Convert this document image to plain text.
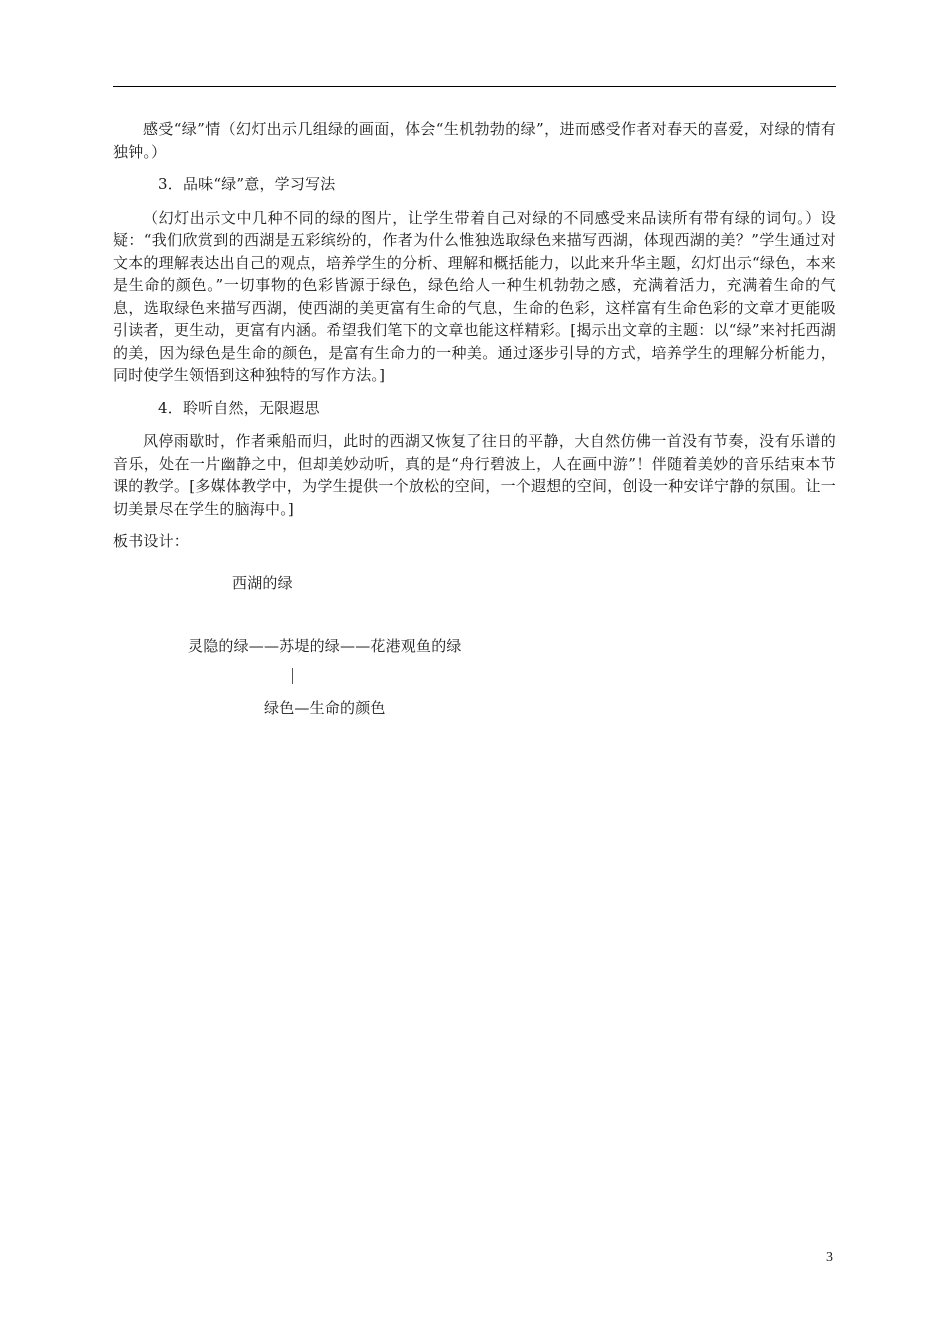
感受“绿”情（幻灯出示几组绿的画面，体会“生机勃勃的绿”，进而感受作者对春天的喜爱，对绿的情有独钟。）

3．品味“绿”意，学习写法

（幻灯出示文中几种不同的绿的图片，让学生带着自己对绿的不同感受来品读所有带有绿的词句。）设疑：“我们欣赏到的西湖是五彩缤纷的，作者为什么惟独选取绿色来描写西湖，体现西湖的美？”学生通过对文本的理解表达出自己的观点，培养学生的分析、理解和概括能力，以此来升华主题，幻灯出示“绿色，本来是生命的颜色。”一切事物的色彩皆源于绿色，绿色给人一种生机勃勃之感，充满着活力，充满着生命的气息，选取绿色来描写西湖，使西湖的美更富有生命的气息，生命的色彩，这样富有生命色彩的文章才更能吸引读者，更生动，更富有内涵。希望我们笔下的文章也能这样精彩。[揭示出文章的主题：以“绿”来衬托西湖的美，因为绿色是生命的颜色，是富有生命力的一种美。通过逐步引导的方式，培养学生的理解分析能力，同时使学生领悟到这种独特的写作方法。]

4．聆听自然，无限遐思

风停雨歇时，作者乘船而归，此时的西湖又恢复了往日的平静，大自然仿佛一首没有节奏，没有乐谱的音乐，处在一片幽静之中，但却美妙动听，真的是“舟行碧波上，人在画中游”！伴随着美妙的音乐结束本节课的教学。[多媒体教学中，为学生提供一个放松的空间，一个遐想的空间，创设一种安详宁静的氛围。让一切美景尽在学生的脑海中。]

板书设计：

西湖的绿
灵隐的绿——苏堤的绿——花港观鱼的绿
绿色—生命的颜色
3
